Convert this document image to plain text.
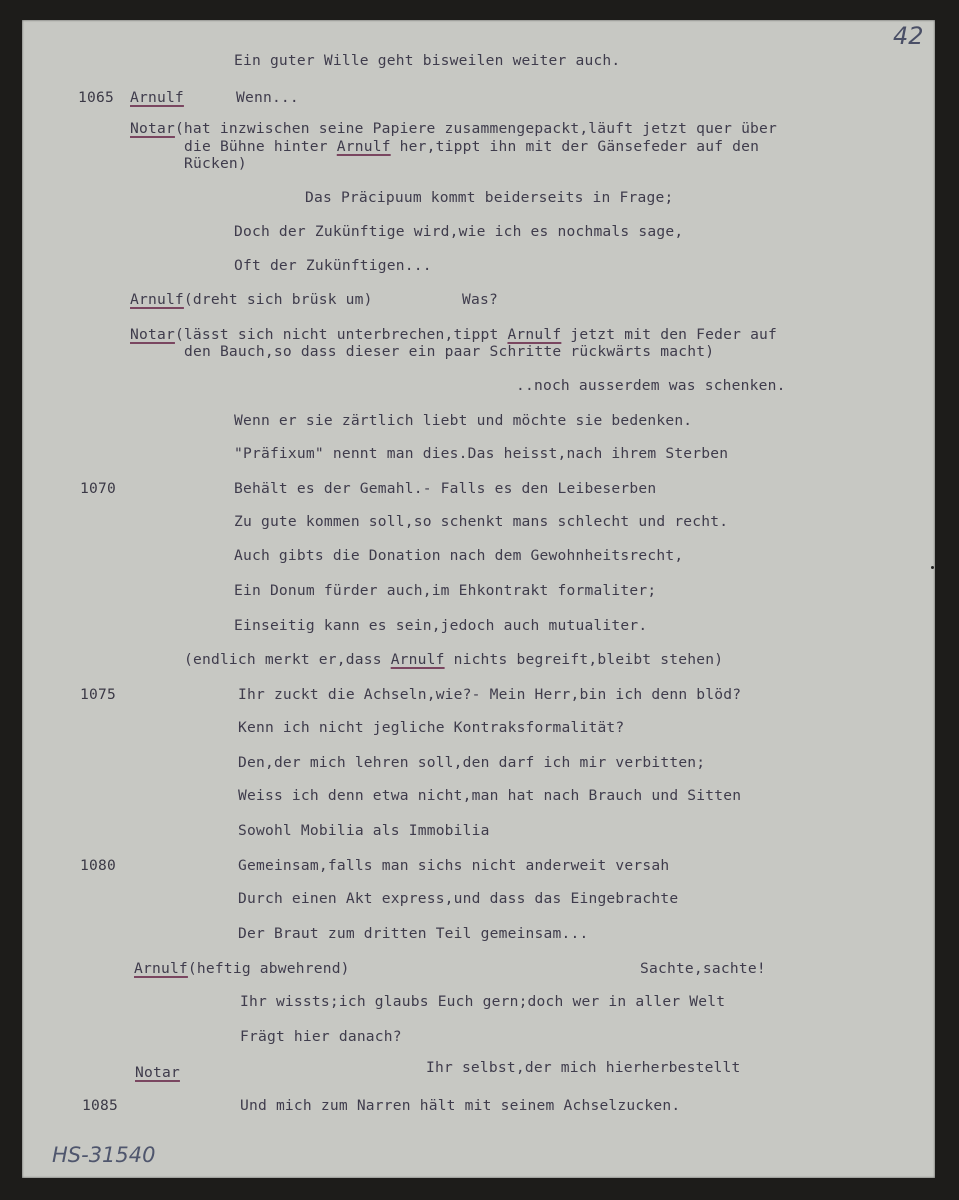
42
Ein guter Wille geht bisweilen weiter auch.
1065 Arnulf	Wenn...
Notar(hat inzwischen seine Papiere zusammengepackt,läuft jetzt quer über
die Bühne hinter Arnulf her,tippt ihn mit der Gänsefeder auf den
Rücken)
Das Präcipuum kommt beiderseits in Frage;
Doch der Zukünftige wird,wie ich es nochmals sage,
Oft der Zukünftigen...
Arnulf(dreht sich brüsk um)	Was?
Notar(lässt sich nicht unterbrechen,tippt Arnulf jetzt mit den Feder auf
den Bauch,so dass dieser ein paar Schritte rückwärts macht)
..noch ausserdem was schenken.
Wenn er sie zärtlich liebt und möchte sie bedenken.
"Präfixum" nennt man dies.Das heisst,nach ihrem Sterben
1070	Behält es der Gemahl.- Falls es den Leibeserben
Zu gute kommen soll,so schenkt mans schlecht und recht.
Auch gibts die Donation nach dem Gewohnheitsrecht,
Ein Donum fürder auch,im Ehkontrakt formaliter;
Einseitig kann es sein,jedoch auch mutualiter.
(endlich merkt er,dass Arnulf nichts begreift,bleibt stehen)
1075	Ihr zuckt die Achseln,wie?- Mein Herr,bin ich denn blöd?
Kenn ich nicht jegliche Kontraksformalität?
Den,der mich lehren soll,den darf ich mir verbitten;
Weiss ich denn etwa nicht,man hat nach Brauch und Sitten
Sowohl Mobilia als Immobilia
1080	Gemeinsam,falls man sichs nicht anderweit versah
Durch einen Akt express,und dass das Eingebrachte
Der Braut zum dritten Teil gemeinsam...
Arnulf(heftig abwehrend)	Sachte,sachte!
Ihr wissts;ich glaubs Euch gern;doch wer in aller Welt
Frägt hier danach?
Notar	Ihr selbst,der mich hierherbestellt
1085	Und mich zum Narren hält mit seinem Achselzucken.
HS-31540
